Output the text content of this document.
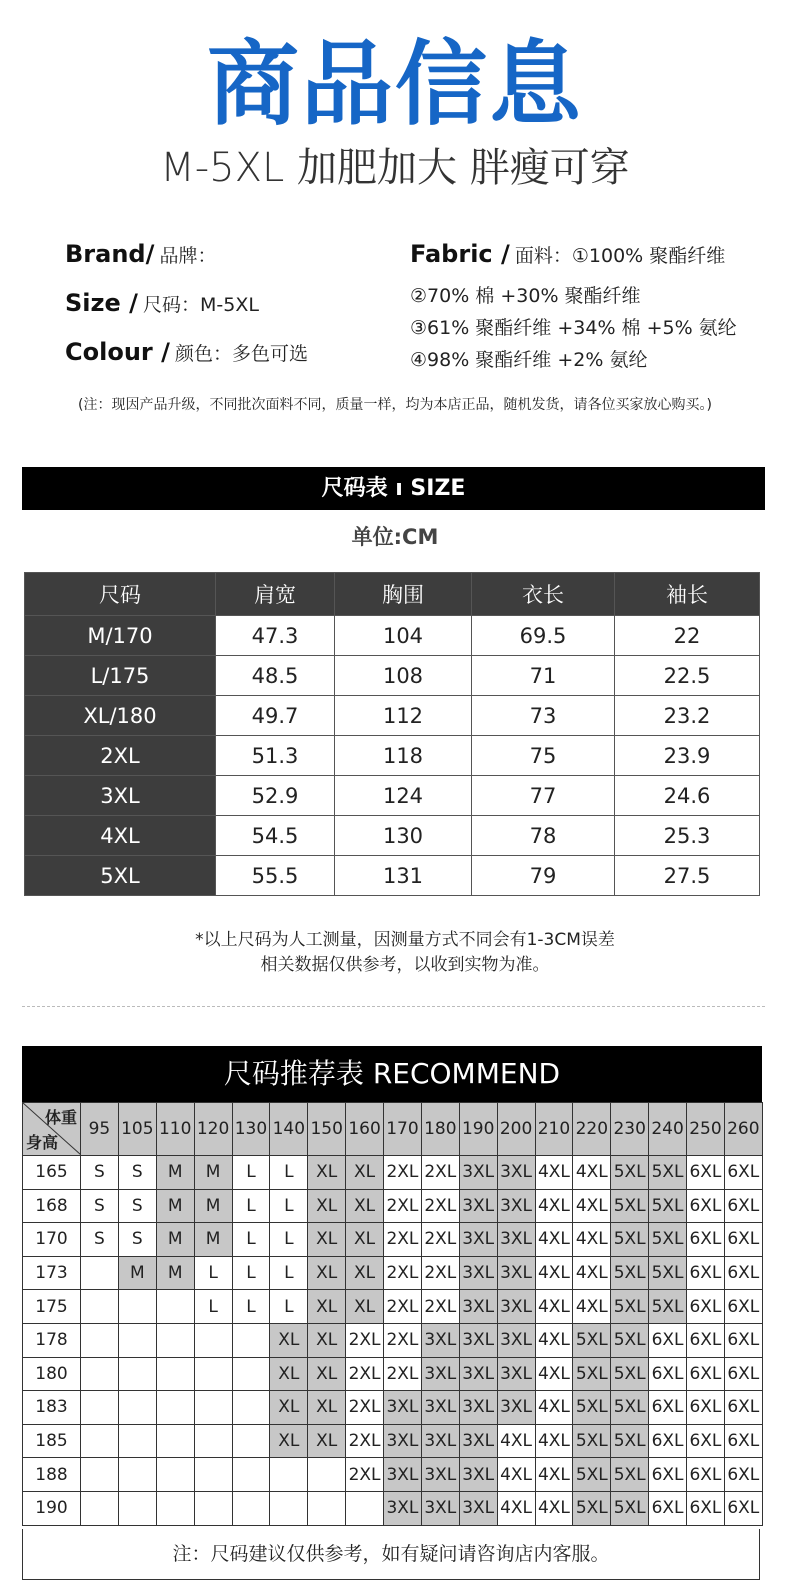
商品信息
M-5XL 加肥加大 胖瘦可穿
Brand/ 品牌：
Size / 尺码：M-5XL
Colour / 颜色：多色可选
Fabric / 面料：①100% 聚酯纤维
②70% 棉 +30% 聚酯纤维
③61% 聚酯纤维 +34% 棉 +5% 氨纶
④98% 聚酯纤维 +2% 氨纶
(注：现因产品升级，不同批次面料不同，质量一样，均为本店正品，随机发货，请各位买家放心购买。)
尺码表 ı SIZE
单位:CM
尺码	肩宽	胸围	衣长	袖长
M/170	47.3	104	69.5	22
L/175	48.5	108	71	22.5
XL/180	49.7	112	73	23.2
2XL	51.3	118	75	23.9
3XL	52.9	124	77	24.6
4XL	54.5	130	78	25.3
5XL	55.5	131	79	27.5
*以上尺码为人工测量，因测量方式不同会有1-3CM误差
相关数据仅供参考，以收到实物为准。
尺码推荐表 RECOMMEND
体重
身高	95	105	110	120	130	140	150	160	170	180	190	200	210	220	230	240	250	260
165	S	S	M	M	L	L	XL	XL	2XL	2XL	3XL	3XL	4XL	4XL	5XL	5XL	6XL	6XL
168	S	S	M	M	L	L	XL	XL	2XL	2XL	3XL	3XL	4XL	4XL	5XL	5XL	6XL	6XL
170	S	S	M	M	L	L	XL	XL	2XL	2XL	3XL	3XL	4XL	4XL	5XL	5XL	6XL	6XL
173		M	M	L	L	L	XL	XL	2XL	2XL	3XL	3XL	4XL	4XL	5XL	5XL	6XL	6XL
175				L	L	L	XL	XL	2XL	2XL	3XL	3XL	4XL	4XL	5XL	5XL	6XL	6XL
178						XL	XL	2XL	2XL	3XL	3XL	3XL	4XL	5XL	5XL	6XL	6XL	6XL
180						XL	XL	2XL	2XL	3XL	3XL	3XL	4XL	5XL	5XL	6XL	6XL	6XL
183						XL	XL	2XL	3XL	3XL	3XL	3XL	4XL	5XL	5XL	6XL	6XL	6XL
185						XL	XL	2XL	3XL	3XL	3XL	4XL	4XL	5XL	5XL	6XL	6XL	6XL
188								2XL	3XL	3XL	3XL	4XL	4XL	5XL	5XL	6XL	6XL	6XL
190									3XL	3XL	3XL	4XL	4XL	5XL	5XL	6XL	6XL	6XL
注：尺码建议仅供参考，如有疑问请咨询店内客服。
